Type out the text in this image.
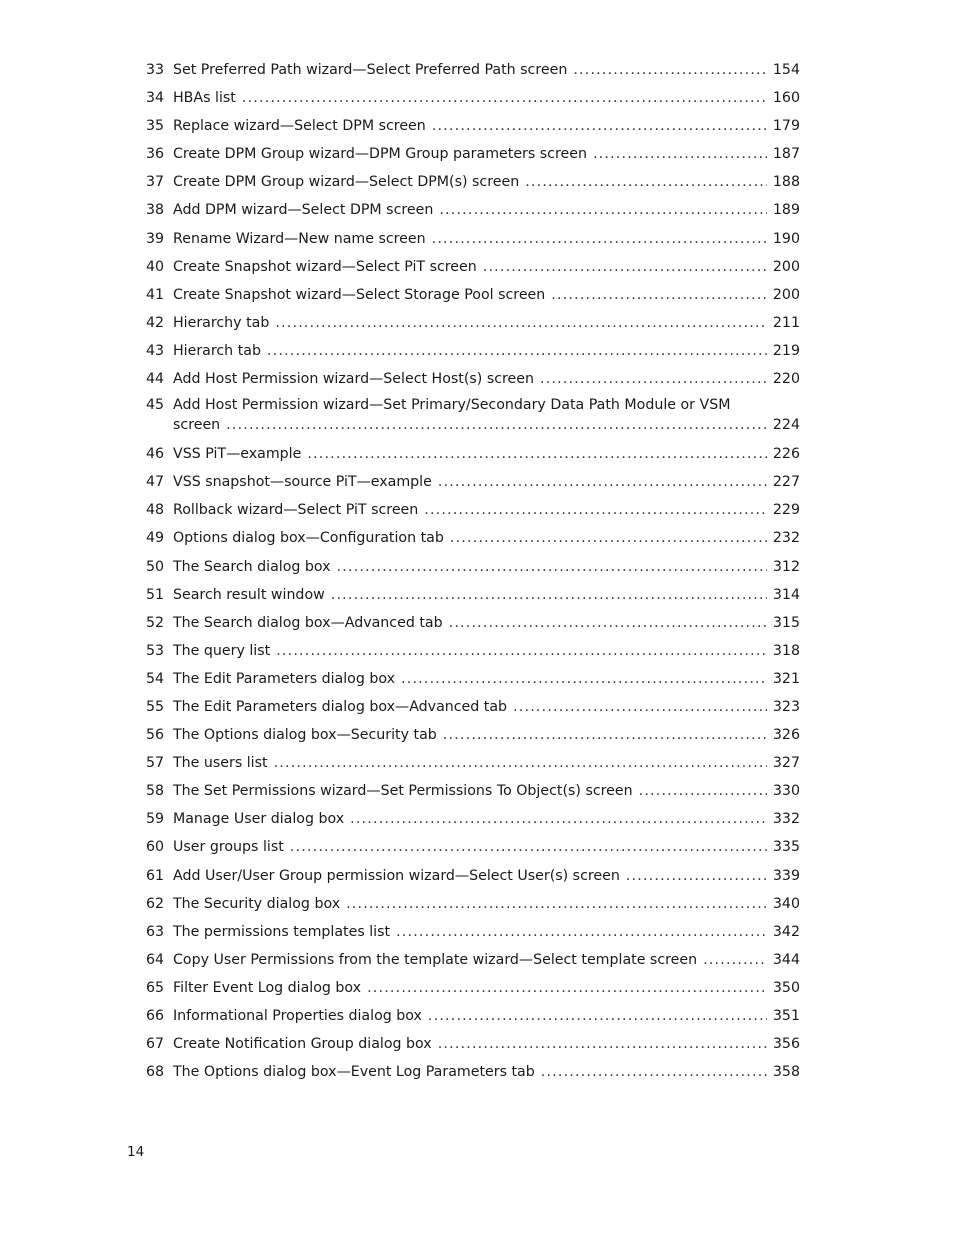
33 Set Preferred Path wizard—Select Preferred Path screen .....	154
34 HBAs list .....	160
35 Replace wizard—Select DPM screen .....	179
36 Create DPM Group wizard—DPM Group parameters screen .....	187
37 Create DPM Group wizard—Select DPM(s) screen .....	188
38 Add DPM wizard—Select DPM screen .....	189
39 Rename Wizard—New name screen .....	190
40 Create Snapshot wizard—Select PiT screen .....	200
41 Create Snapshot wizard—Select Storage Pool screen .....	200
42 Hierarchy tab .....	211
43 Hierarch tab .....	219
44 Add Host Permission wizard—Select Host(s) screen .....	220
45 Add Host Permission wizard—Set Primary/Secondary Data Path Module or VSM
screen .....	224
46 VSS PiT—example .....	226
47 VSS snapshot—source PiT—example .....	227
48 Rollback wizard—Select PiT screen .....	229
49 Options dialog box—Configuration tab .....	232
50 The Search dialog box .....	312
51 Search result window .....	314
52 The Search dialog box—Advanced tab .....	315
53 The query list .....	318
54 The Edit Parameters dialog box .....	321
55 The Edit Parameters dialog box—Advanced tab .....	323
56 The Options dialog box—Security tab .....	326
57 The users list .....	327
58 The Set Permissions wizard—Set Permissions To Object(s) screen .....	330
59 Manage User dialog box .....	332
60 User groups list .....	335
61 Add User/User Group permission wizard—Select User(s) screen .....	339
62 The Security dialog box .....	340
63 The permissions templates list .....	342
64 Copy User Permissions from the template wizard—Select template screen .....	344
65 Filter Event Log dialog box .....	350
66 Informational Properties dialog box .....	351
67 Create Notification Group dialog box .....	356
68 The Options dialog box—Event Log Parameters tab .....	358
14
